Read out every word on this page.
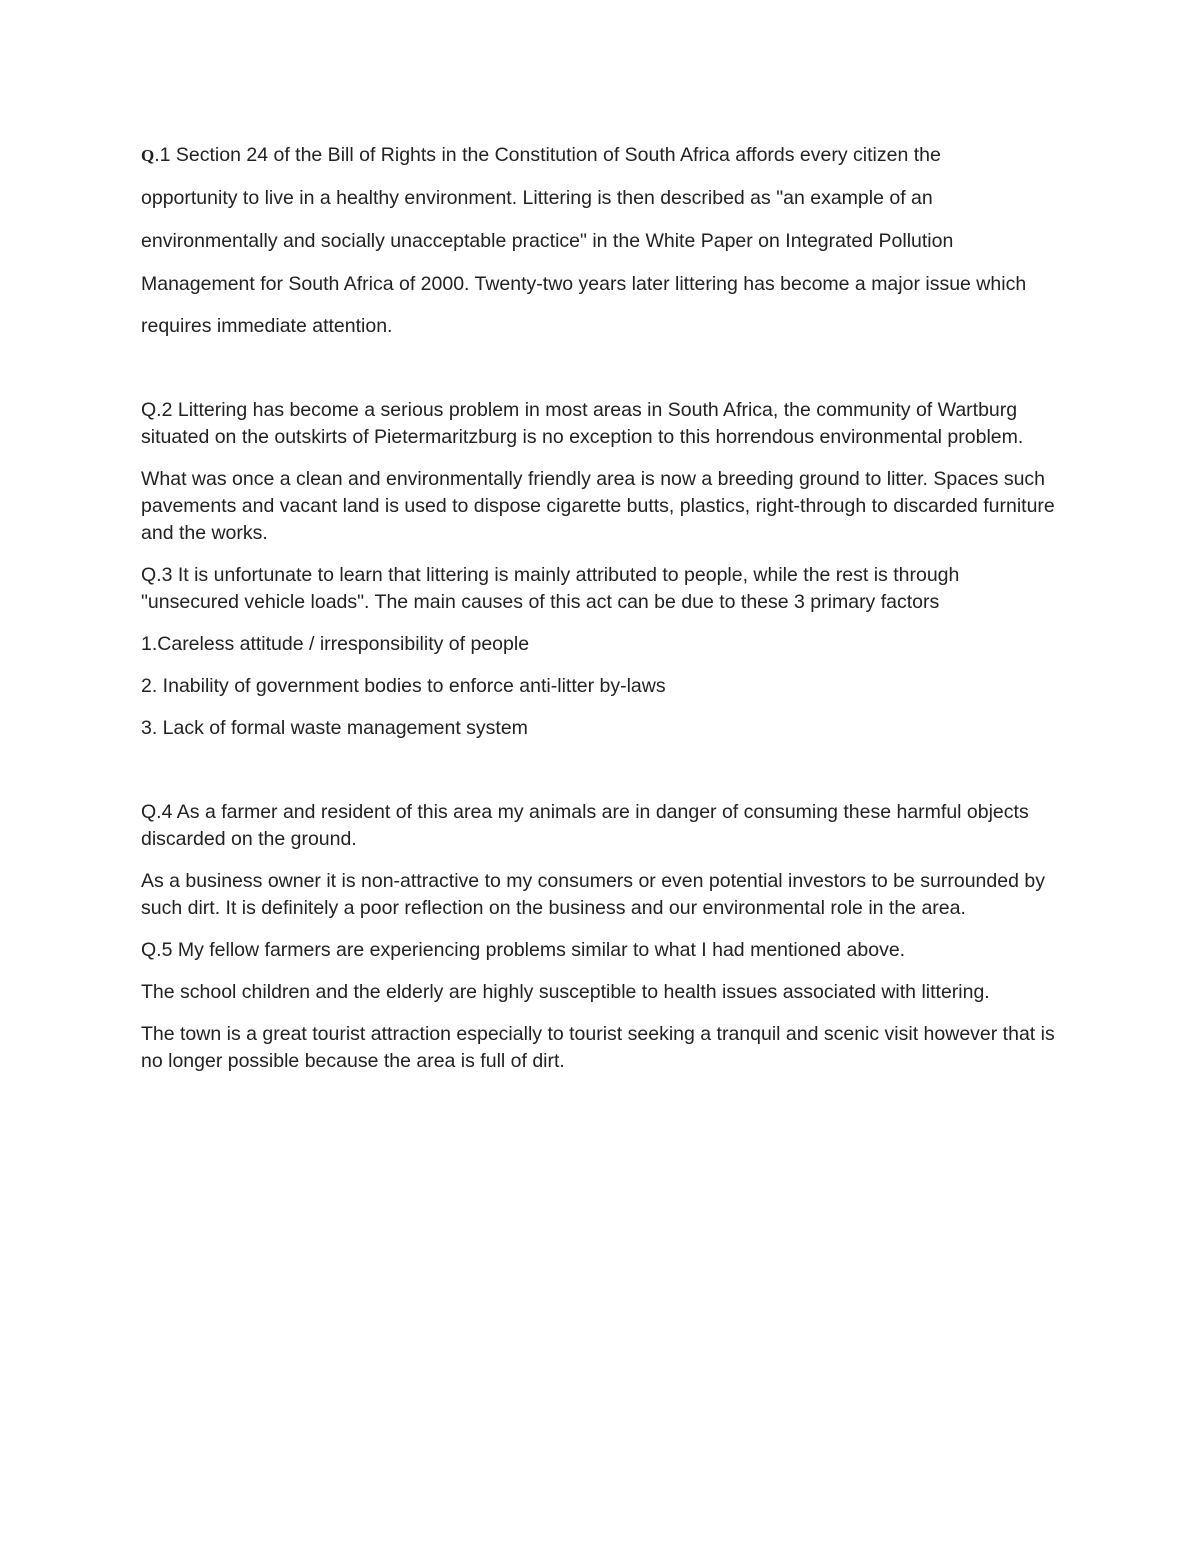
Q.1 Section 24 of the Bill of Rights in the Constitution of South Africa affords every citizen the

opportunity to live in a healthy environment. Littering is then described as "an example of an

environmentally and socially unacceptable practice" in the White Paper on Integrated Pollution

Management for South Africa of 2000. Twenty-two years later littering has become a major issue which

requires immediate attention.

Q.2 Littering has become a serious problem in most areas in South Africa, the community of Wartburg situated on the outskirts of Pietermaritzburg is no exception to this horrendous environmental problem.

What was once a clean and environmentally friendly area is now a breeding ground to litter. Spaces such pavements and vacant land is used to dispose cigarette butts, plastics, right-through to discarded furniture and the works.

Q.3 It is unfortunate to learn that littering is mainly attributed to people, while the rest is through "unsecured vehicle loads". The main causes of this act can be due to these 3 primary factors

1.Careless attitude / irresponsibility of people

2. Inability of government bodies to enforce anti-litter by-laws

3. Lack of formal waste management system

Q.4 As a farmer and resident of this area my animals are in danger of consuming these harmful objects discarded on the ground.

As a business owner it is non-attractive to my consumers or even potential investors to be surrounded by such dirt. It is definitely a poor reflection on the business and our environmental role in the area.

Q.5 My fellow farmers are experiencing problems similar to what I had mentioned above.

The school children and the elderly are highly susceptible to health issues associated with littering.

The town is a great tourist attraction especially to tourist seeking a tranquil and scenic visit however that is no longer possible because the area is full of dirt.
